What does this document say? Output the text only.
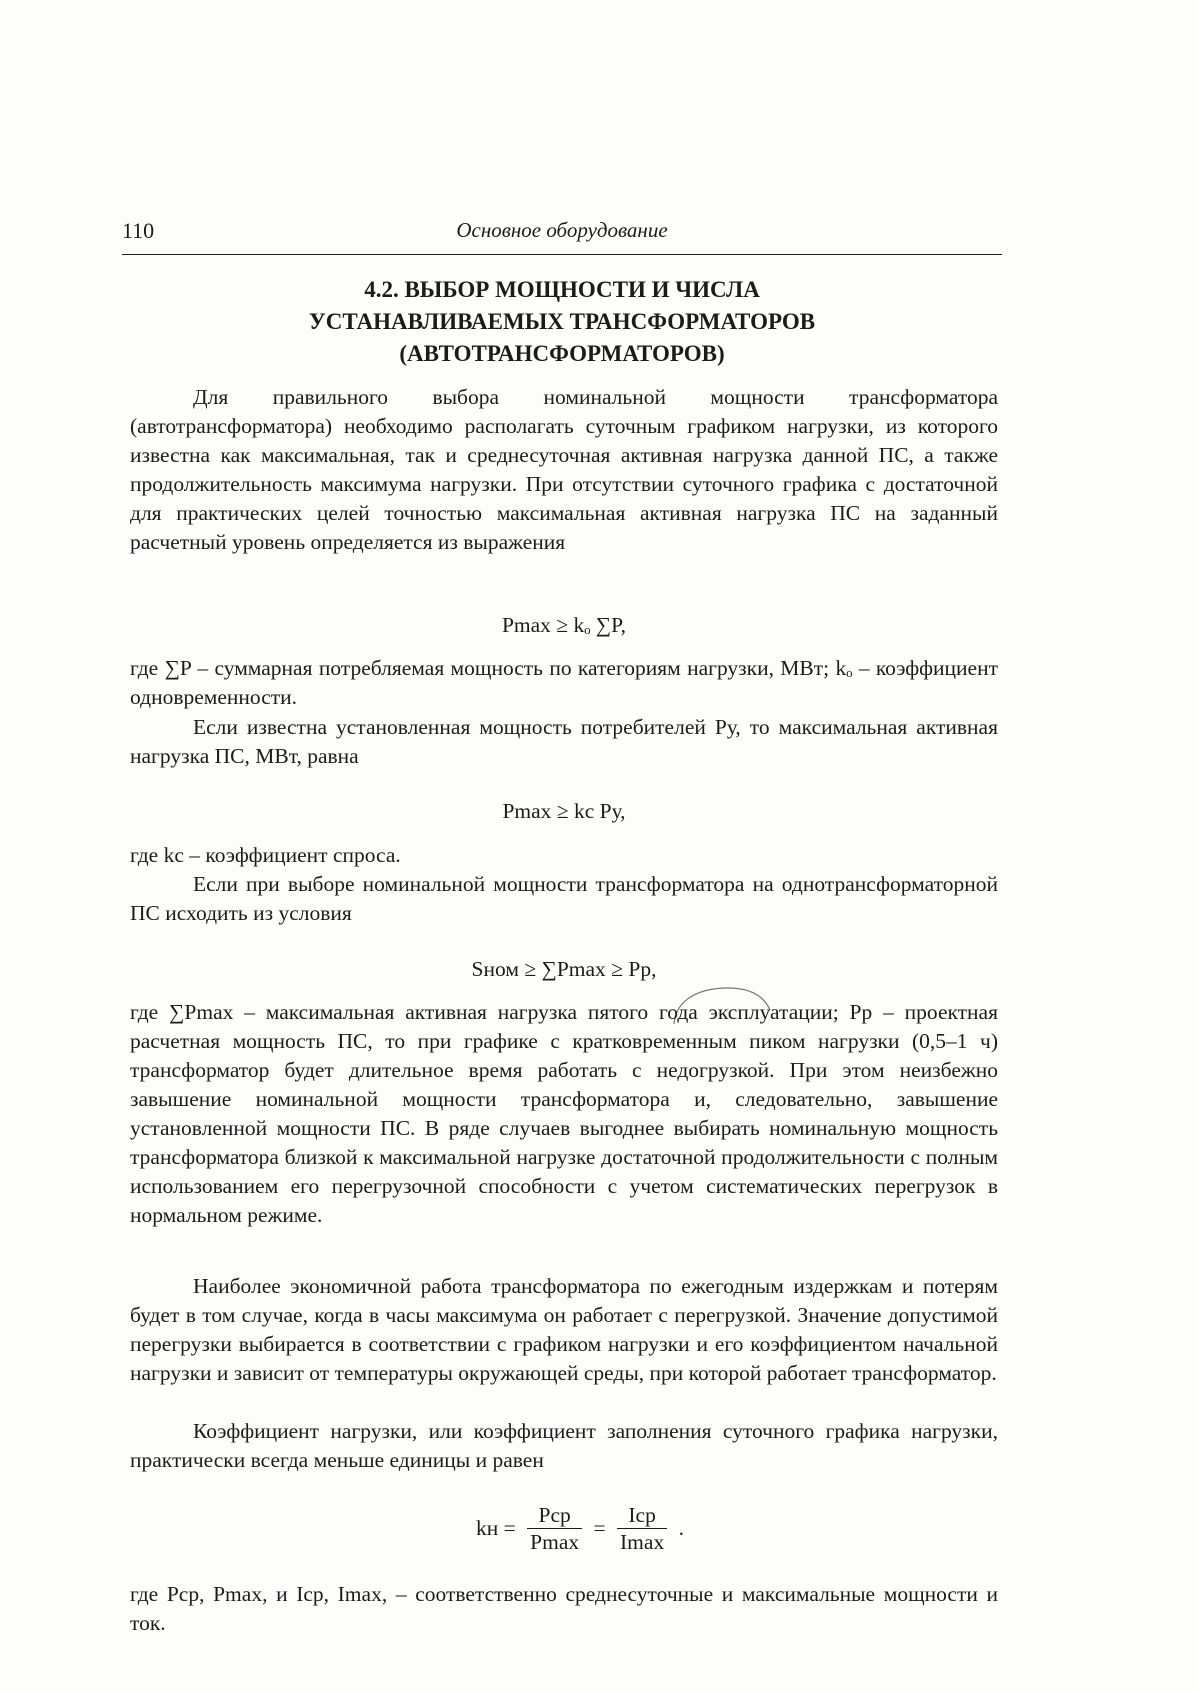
110	Основное оборудование
4.2. ВЫБОР МОЩНОСТИ И ЧИСЛА
УСТАНАВЛИВАЕМЫХ ТРАНСФОРМАТОРОВ
(АВТОТРАНСФОРМАТОРОВ)

Для правильного выбора номинальной мощности трансформатора (автотрансформатора) необходимо располагать суточным графиком нагрузки, из которого известна как максимальная, так и среднесуточная активная нагрузка данной ПС, а также продолжительность максимума нагрузки. При отсутствии суточного графика с достаточной для практических целей точностью максимальная активная нагрузка ПС на заданный расчетный уровень определяется из выражения

Pmax ≥ kₒ ∑P,

где ∑P – суммарная потребляемая мощность по категориям нагрузки, МВт; kₒ – коэффициент одновременности.

Если известна установленная мощность потребителей Pу, то максимальная активная нагрузка ПС, МВт, равна

Pmax ≥ kс Pу,

где kс – коэффициент спроса.

Если при выборе номинальной мощности трансформатора на однотрансформаторной ПС исходить из условия

Sном ≥ ∑Pmax ≥ Pр,

где ∑Pmax – максимальная активная нагрузка пятого года эксплуатации; Pр – проектная расчетная мощность ПС, то при графике с кратковременным пиком нагрузки (0,5–1 ч) трансформатор будет длительное время работать с недогрузкой. При этом неизбежно завышение номинальной мощности трансформатора и, следовательно, завышение установленной мощности ПС. В ряде случаев выгоднее выбирать номинальную мощность трансформатора близкой к максимальной нагрузке достаточной продолжительности с полным использованием его перегрузочной способности с учетом систематических перегрузок в нормальном режиме.

Наиболее экономичной работа трансформатора по ежегодным издержкам и потерям будет в том случае, когда в часы максимума он работает с перегрузкой. Значение допустимой перегрузки выбирается в соответствии с графиком нагрузки и его коэффициентом начальной нагрузки и зависит от температуры окружающей среды, при которой работает трансформатор.

Коэффициент нагрузки, или коэффициент заполнения суточного графика нагрузки, практически всегда меньше единицы и равен

kн = $\frac{\text{Pср}}{Pmax} = \frac{\text{Iср}}{Imax}$ .

где Pср, Pmax, и Iср, Imax, – соответственно среднесуточные и максимальные мощности и ток.
